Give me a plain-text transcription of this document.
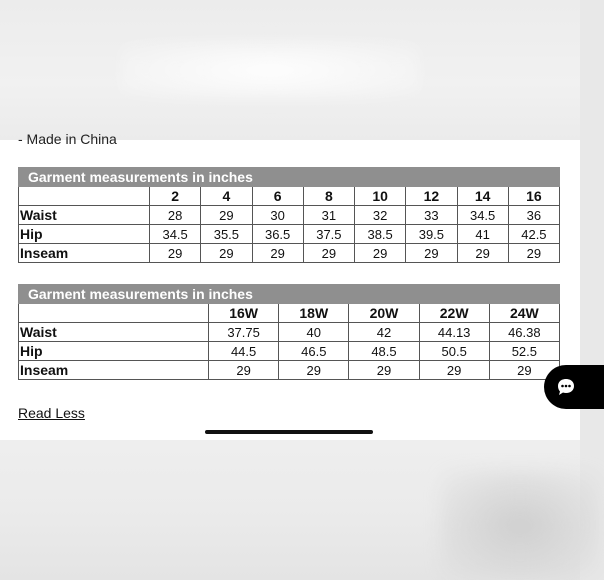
- Made in China
Garment measurements in inches								
	2	4	6	8	10	12	14	16
Waist	28	29	30	31	32	33	34.5	36
Hip	34.5	35.5	36.5	37.5	38.5	39.5	41	42.5
Inseam	29	29	29	29	29	29	29	29
Garment measurements in inches					
	16W	18W	20W	22W	24W
Waist	37.75	40	42	44.13	46.38
Hip	44.5	46.5	48.5	50.5	52.5
Inseam	29	29	29	29	29
Read Less
